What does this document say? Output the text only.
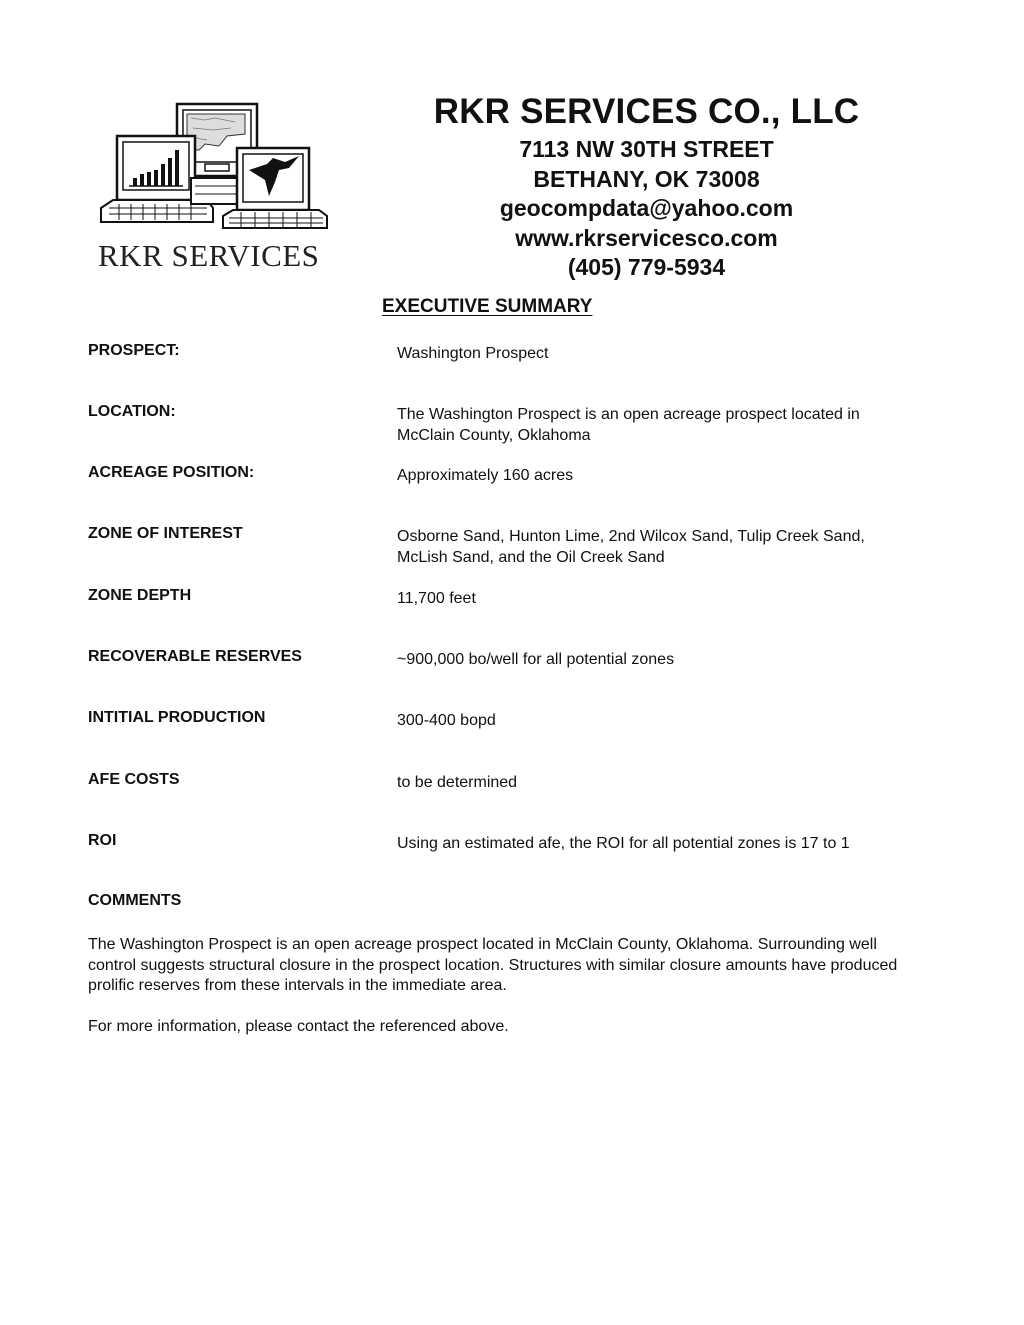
RKR SERVICES
RKR SERVICES CO., LLC
7113 NW 30TH STREET
BETHANY, OK 73008
geocompdata@yahoo.com
www.rkrservicesco.com
(405) 779-5934
EXECUTIVE SUMMARY
PROSPECT:	Washington Prospect
LOCATION:	The Washington Prospect is an open acreage prospect located in McClain County, Oklahoma
ACREAGE POSITION:	Approximately 160 acres
ZONE OF INTEREST	Osborne Sand, Hunton Lime, 2nd Wilcox Sand, Tulip Creek Sand, McLish Sand, and the Oil Creek Sand
ZONE DEPTH	11,700 feet
RECOVERABLE RESERVES	~900,000 bo/well for all potential zones
INTITIAL PRODUCTION	300-400 bopd
AFE COSTS	to be determined
ROI	Using an estimated afe, the ROI for all potential zones is 17 to 1
COMMENTS
The Washington Prospect is an open acreage prospect located in McClain County, Oklahoma. Surrounding well control suggests structural closure in the prospect location. Structures with similar closure amounts have produced prolific reserves from these intervals in the immediate area.
For more information, please contact the referenced above.
